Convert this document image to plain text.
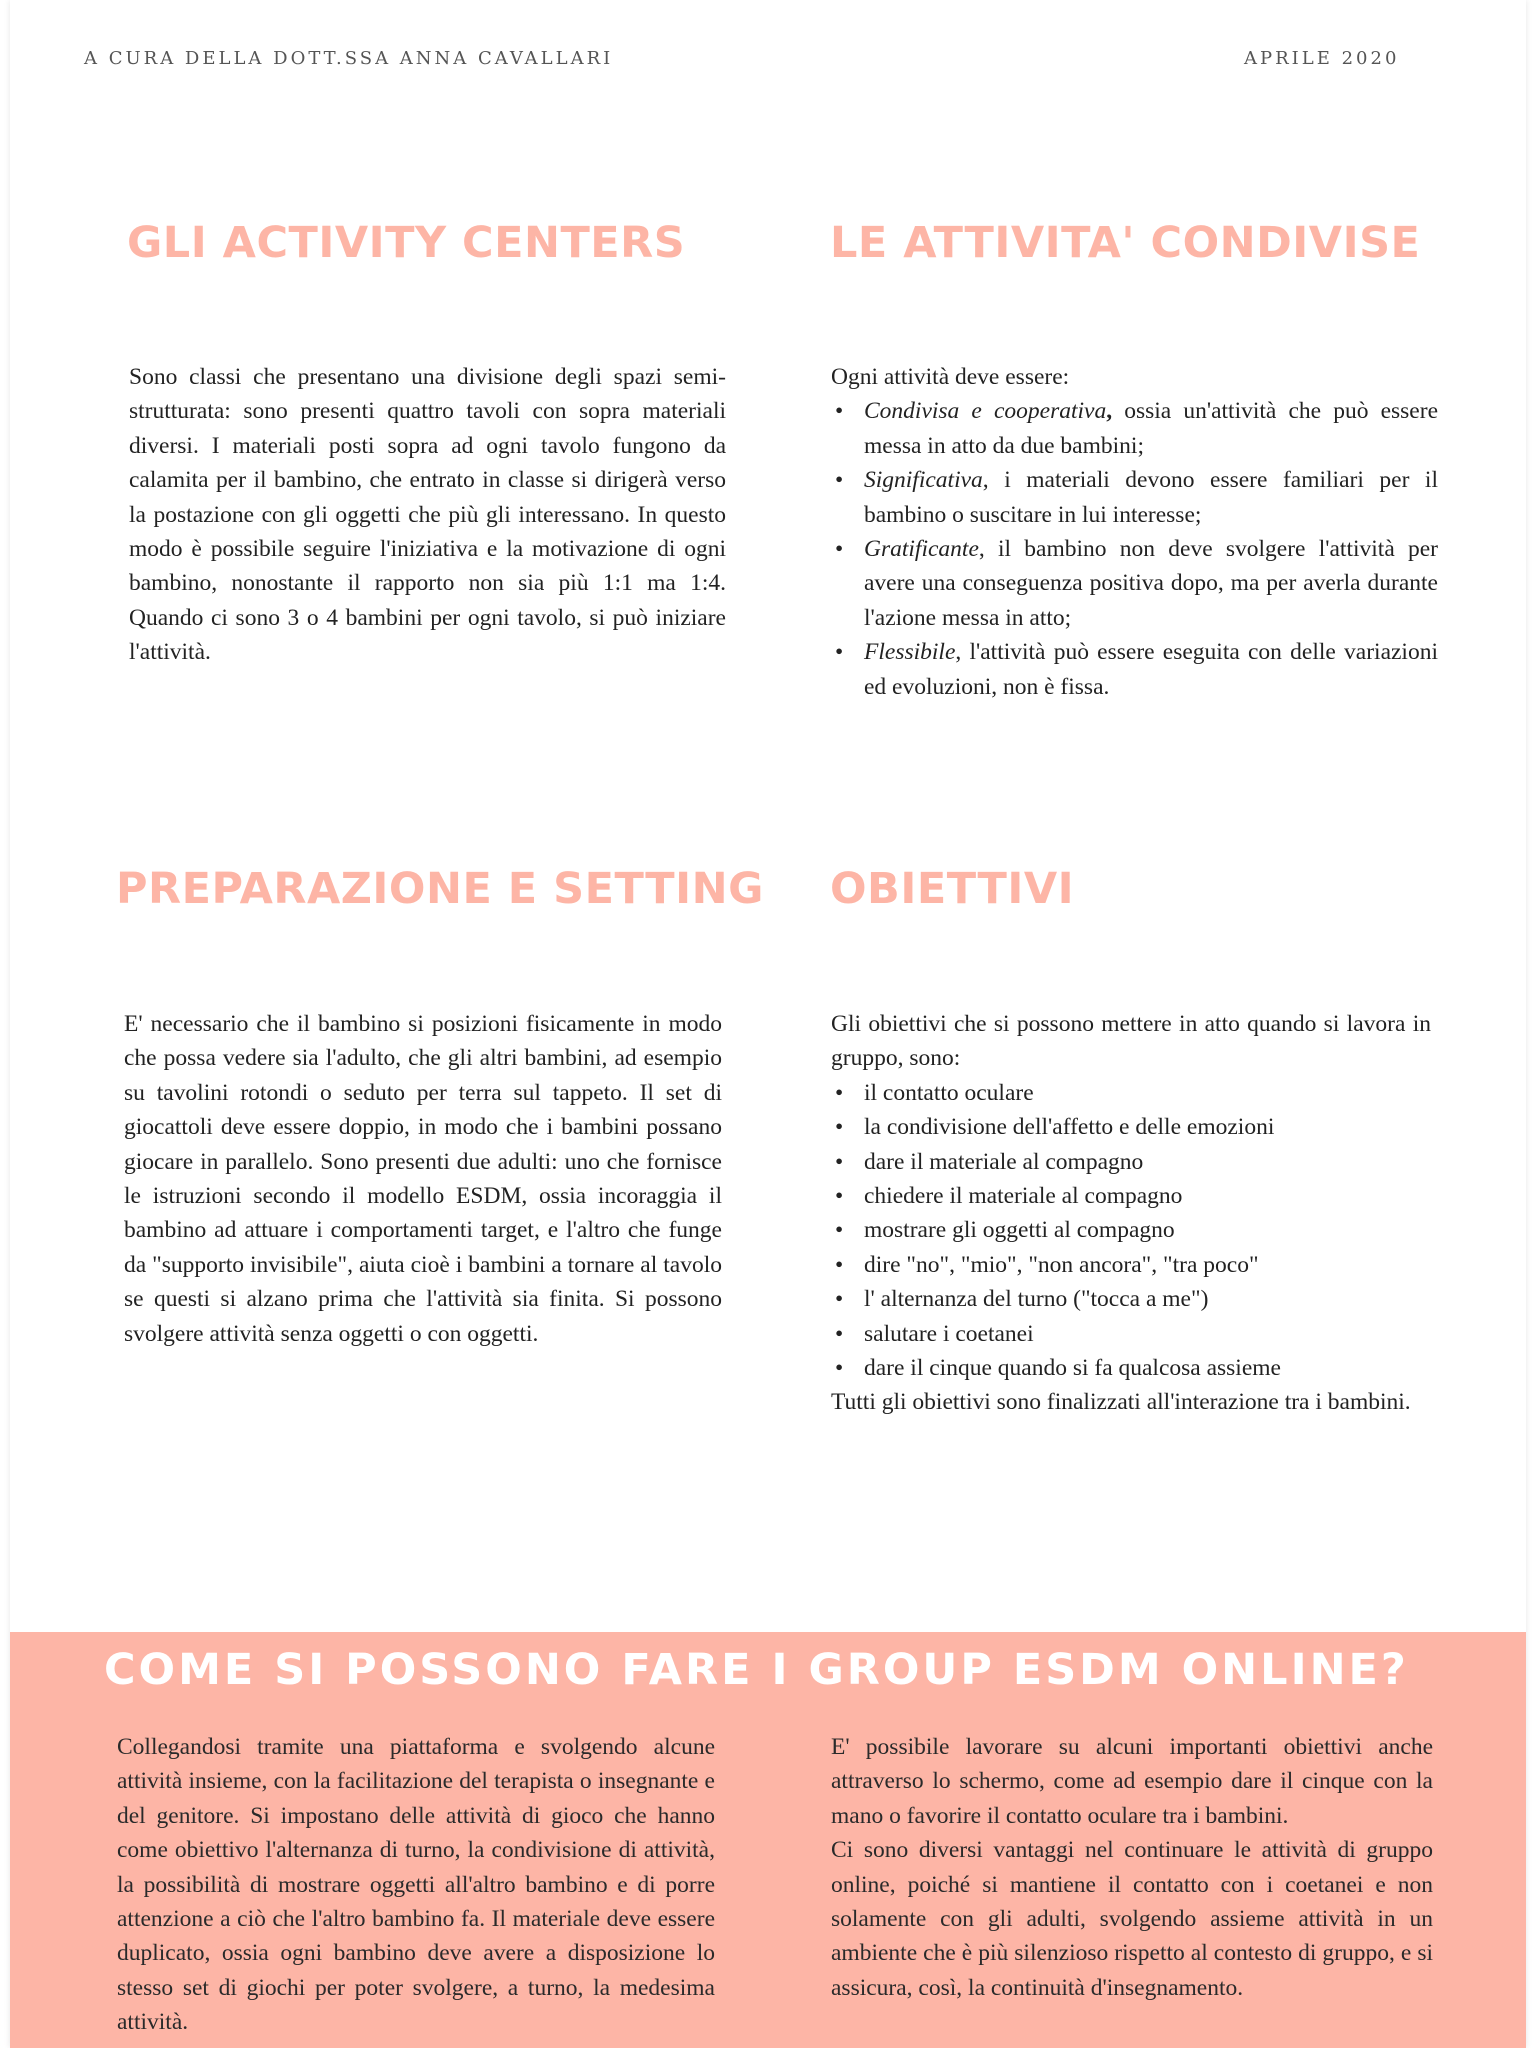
A CURA DELLA DOTT.SSA ANNA CAVALLARI	APRILE 2020
GLI ACTIVITY CENTERS

Sono classi che presentano una divisione degli spazi semi-strutturata: sono presenti quattro tavoli con sopra materiali diversi. I materiali posti sopra ad ogni tavolo fungono da calamita per il bambino, che entrato in classe si dirigerà verso la postazione con gli oggetti che più gli interessano. In questo modo è possibile seguire l'iniziativa e la motivazione di ogni bambino, nonostante il rapporto non sia più 1:1 ma 1:4. Quando ci sono 3 o 4 bambini per ogni tavolo, si può iniziare l'attività.

LE ATTIVITA' CONDIVISE

Ogni attività deve essere:

• Condivisa e cooperativa, ossia un'attività che può essere messa in atto da due bambini;
• Significativa, i materiali devono essere familiari per il bambino o suscitare in lui interesse;
• Gratificante, il bambino non deve svolgere l'attività per avere una conseguenza positiva dopo, ma per averla durante l'azione messa in atto;
• Flessibile, l'attività può essere eseguita con delle variazioni ed evoluzioni, non è fissa.
PREPARAZIONE E SETTING

E' necessario che il bambino si posizioni fisicamente in modo che possa vedere sia l'adulto, che gli altri bambini, ad esempio su tavolini rotondi o seduto per terra sul tappeto. Il set di giocattoli deve essere doppio, in modo che i bambini possano giocare in parallelo. Sono presenti due adulti: uno che fornisce le istruzioni secondo il modello ESDM, ossia incoraggia il bambino ad attuare i comportamenti target, e l'altro che funge da "supporto invisibile", aiuta cioè i bambini a tornare al tavolo se questi si alzano prima che l'attività sia finita. Si possono svolgere attività senza oggetti o con oggetti.

OBIETTIVI

Gli obiettivi che si possono mettere in atto quando si lavora in gruppo, sono:

• il contatto oculare
• la condivisione dell'affetto e delle emozioni
• dare il materiale al compagno
• chiedere il materiale al compagno
• mostrare gli oggetti al compagno
• dire "no", "mio", "non ancora", "tra poco"
• l' alternanza del turno ("tocca a me")
• salutare i coetanei
• dare il cinque quando si fa qualcosa assieme

Tutti gli obiettivi sono finalizzati all'interazione tra i bambini.

COME SI POSSONO FARE I GROUP ESDM ONLINE?

Collegandosi tramite una piattaforma e svolgendo alcune attività insieme, con la facilitazione del terapista o insegnante e del genitore. Si impostano delle attività di gioco che hanno come obiettivo l'alternanza di turno, la condivisione di attività, la possibilità di mostrare oggetti all'altro bambino e di porre attenzione a ciò che l'altro bambino fa. Il materiale deve essere duplicato, ossia ogni bambino deve avere a disposizione lo stesso set di giochi per poter svolgere, a turno, la medesima attività.

E' possibile lavorare su alcuni importanti obiettivi anche attraverso lo schermo, come ad esempio dare il cinque con la mano o favorire il contatto oculare tra i bambini.

Ci sono diversi vantaggi nel continuare le attività di gruppo online, poiché si mantiene il contatto con i coetanei e non solamente con gli adulti, svolgendo assieme attività in un ambiente che è più silenzioso rispetto al contesto di gruppo, e si assicura, così, la continuità d'insegnamento.
